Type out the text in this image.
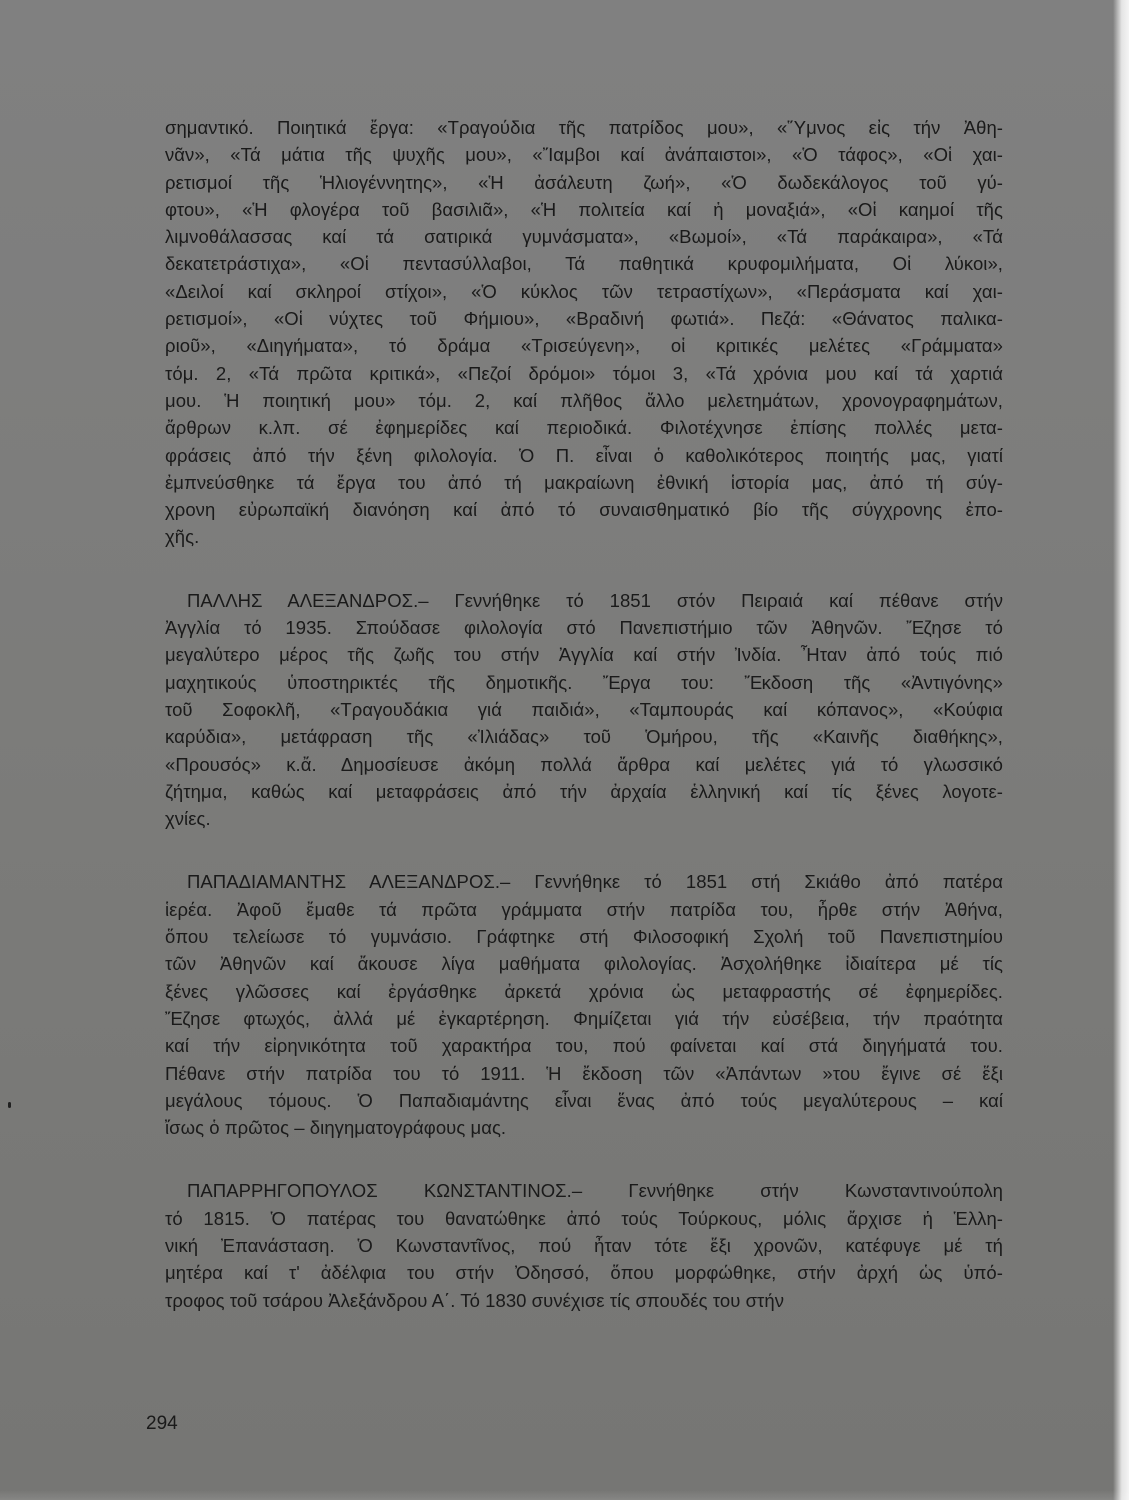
σημαντικό. Ποιητικά ἔργα: «Τραγούδια τῆς πατρίδος μου», «Ὕμνος εἰς τήν Ἀθη-

νᾶν», «Τά μάτια τῆς ψυχῆς μου», «Ἴαμβοι καί ἀνάπαιστοι», «Ὁ τάφος», «Οἱ χαι-

ρετισμοί τῆς Ἡλιογέννητης», «Ἡ ἀσάλευτη ζωή», «Ὁ δωδεκάλογος τοῦ γύ-

φτου», «Ἡ φλογέρα τοῦ βασιλιᾶ», «Ἡ πολιτεία καί ἡ μοναξιά», «Οἱ καημοί τῆς

λιμνοθάλασσας καί τά σατιρικά γυμνάσματα», «Βωμοί», «Τά παράκαιρα», «Τά

δεκατετράστιχα», «Οἱ πεντασύλλαβοι, Τά παθητικά κρυφομιλήματα, Οἱ λύκοι»,

«Δειλοί καί σκληροί στίχοι», «Ὁ κύκλος τῶν τετραστίχων», «Περάσματα καί χαι-

ρετισμοί», «Οἱ νύχτες τοῦ Φήμιου», «Βραδινή φωτιά». Πεζά: «Θάνατος παλικα-

ριοῦ», «Διηγήματα», τό δράμα «Τρισεύγενη», οἱ κριτικές μελέτες «Γράμματα»

τόμ. 2, «Τά πρῶτα κριτικά», «Πεζοί δρόμοι» τόμοι 3, «Τά χρόνια μου καί τά χαρτιά

μου. Ἡ ποιητική μου» τόμ. 2, καί πλῆθος ἄλλο μελετημάτων, χρονογραφημάτων,

ἄρθρων κ.λπ. σέ ἐφημερίδες καί περιοδικά. Φιλοτέχνησε ἐπίσης πολλές μετα-

φράσεις ἀπό τήν ξένη φιλολογία. Ὁ Π. εἶναι ὁ καθολικότερος ποιητής μας, γιατί

ἐμπνεύσθηκε τά ἔργα του ἀπό τή μακραίωνη ἐθνική ἱστορία μας, ἀπό τή σύγ-

χρονη εὐρωπαϊκή διανόηση καί ἀπό τό συναισθηματικό βίο τῆς σύγχρονης ἐπο-

χῆς.

ΠΑΛΛΗΣ ΑΛΕΞΑΝΔΡΟΣ.– Γεννήθηκε τό 1851 στόν Πειραιά καί πέθανε στήν

Ἀγγλία τό 1935. Σπούδασε φιλολογία στό Πανεπιστήμιο τῶν Ἀθηνῶν. Ἔζησε τό

μεγαλύτερο μέρος τῆς ζωῆς του στήν Ἀγγλία καί στήν Ἰνδία. Ἦταν ἀπό τούς πιό

μαχητικούς ὑποστηρικτές τῆς δημοτικῆς. Ἔργα του: Ἔκδοση τῆς «Ἀντιγόνης»

τοῦ Σοφοκλῆ, «Τραγουδάκια γιά παιδιά», «Ταμπουράς καί κόπανος», «Κούφια

καρύδια», μετάφραση τῆς «Ἰλιάδας» τοῦ Ὁμήρου, τῆς «Καινῆς διαθήκης»,

«Προυσός» κ.ἄ. Δημοσίευσε ἀκόμη πολλά ἄρθρα καί μελέτες γιά τό γλωσσικό

ζήτημα, καθώς καί μεταφράσεις ἀπό τήν ἀρχαία ἑλληνική καί τίς ξένες λογοτε-

χνίες.

ΠΑΠΑΔΙΑΜΑΝΤΗΣ ΑΛΕΞΑΝΔΡΟΣ.– Γεννήθηκε τό 1851 στή Σκιάθο ἀπό πατέρα

ἱερέα. Ἀφοῦ ἔμαθε τά πρῶτα γράμματα στήν πατρίδα του, ἦρθε στήν Ἀθήνα,

ὅπου τελείωσε τό γυμνάσιο. Γράφτηκε στή Φιλοσοφική Σχολή τοῦ Πανεπιστημίου

τῶν Ἀθηνῶν καί ἄκουσε λίγα μαθήματα φιλολογίας. Ἀσχολήθηκε ἰδιαίτερα μέ τίς

ξένες γλῶσσες καί ἐργάσθηκε ἀρκετά χρόνια ὡς μεταφραστής σέ ἐφημερίδες.

Ἔζησε φτωχός, ἀλλά μέ ἐγκαρτέρηση. Φημίζεται γιά τήν εὐσέβεια, τήν πραότητα

καί τήν εἰρηνικότητα τοῦ χαρακτήρα του, πού φαίνεται καί στά διηγήματά του.

Πέθανε στήν πατρίδα του τό 1911. Ἡ ἔκδοση τῶν «Ἀπάντων »του ἔγινε σέ ἕξι

μεγάλους τόμους. Ὁ Παπαδιαμάντης εἶναι ἕνας ἀπό τούς μεγαλύτερους – καί

ἴσως ὁ πρῶτος – διηγηματογράφους μας.

ΠΑΠΑΡΡΗΓΟΠΟΥΛΟΣ ΚΩΝΣΤΑΝΤΙΝΟΣ.– Γεννήθηκε στήν Κωνσταντινούπολη

τό 1815. Ὁ πατέρας του θανατώθηκε ἀπό τούς Τούρκους, μόλις ἄρχισε ἡ Ἑλλη-

νική Ἐπανάσταση. Ὁ Κωνσταντῖνος, πού ἦταν τότε ἕξι χρονῶν, κατέφυγε μέ τή

μητέρα καί τ' ἀδέλφια του στήν Ὀδησσό, ὅπου μορφώθηκε, στήν ἀρχή ὡς ὑπό-

τροφος τοῦ τσάρου Ἀλεξάνδρου Α΄. Τό 1830 συνέχισε τίς σπουδές του στήν

294
